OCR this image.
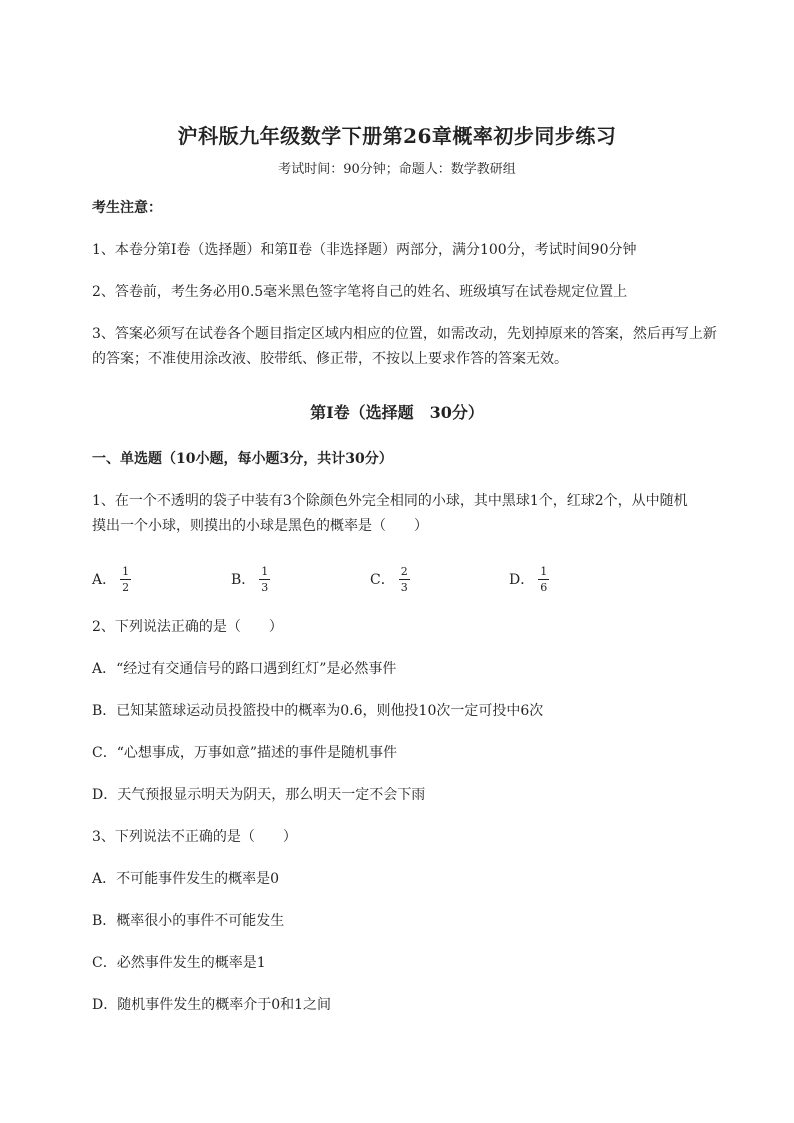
沪科版九年级数学下册第26章概率初步同步练习
考试时间：90分钟；命题人：数学教研组
考生注意：
1、本卷分第I卷（选择题）和第Ⅱ卷（非选择题）两部分，满分100分，考试时间90分钟
2、答卷前，考生务必用0.5毫米黑色签字笔将自己的姓名、班级填写在试卷规定位置上
3、答案必须写在试卷各个题目指定区域内相应的位置，如需改动，先划掉原来的答案，然后再写上新
的答案；不准使用涂改液、胶带纸、修正带，不按以上要求作答的答案无效。
第I卷（选择题　30分）
一、单选题（10小题，每小题3分，共计30分）
1、在一个不透明的袋子中装有3个除颜色外完全相同的小球，其中黑球1个，红球2个，从中随机
摸出一个小球，则摸出的小球是黑色的概率是（　　）
A． $\frac{1}{2}$	B． $\frac{1}{3}$	C． $\frac{2}{3}$	D． $\frac{1}{6}$
2、下列说法正确的是（　　）
A．“经过有交通信号的路口遇到红灯”是必然事件
B．已知某篮球运动员投篮投中的概率为0.6，则他投10次一定可投中6次
C．“心想事成，万事如意”描述的事件是随机事件
D．天气预报显示明天为阴天，那么明天一定不会下雨
3、下列说法不正确的是（　　）
A．不可能事件发生的概率是0
B．概率很小的事件不可能发生
C．必然事件发生的概率是1
D．随机事件发生的概率介于0和1之间
